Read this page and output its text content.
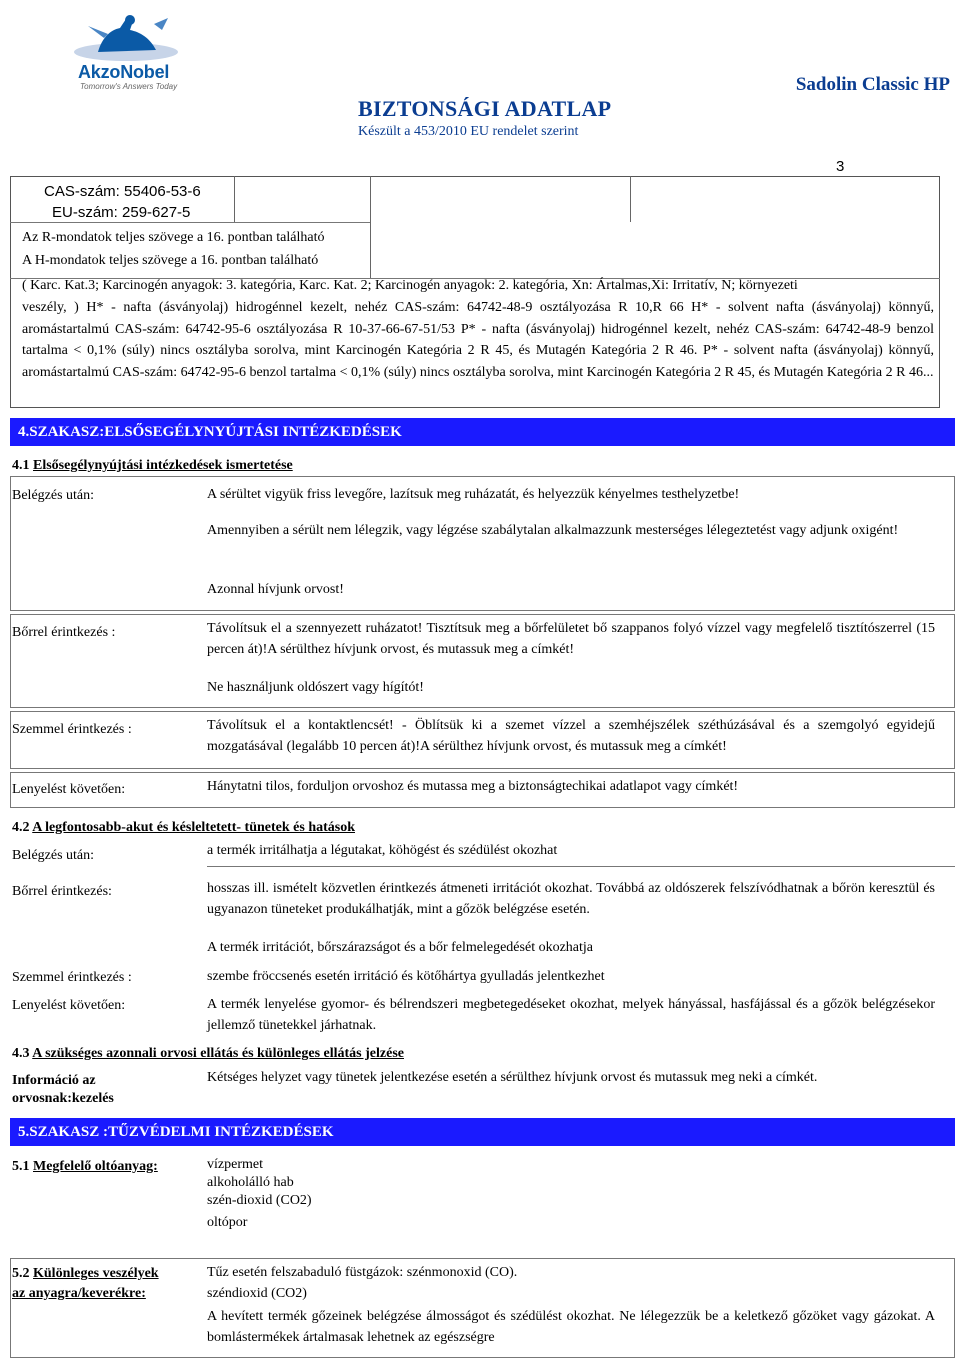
AkzoNobel
Tomorrow's Answers Today
BIZTONSÁGI ADATLAP
Készült a 453/2010 EU rendelet szerint
Sadolin Classic HP
3
CAS-szám: 55406-53-6
EU-szám: 259-627-5
Az R-mondatok teljes szövege a 16. pontban található
A H-mondatok teljes szövege a 16. pontban található
( Karc. Kat.3; Karcinogén anyagok: 3. kategória, Karc. Kat. 2; Karcinogén anyagok: 2. kategória, Xn: Ártalmas,Xi: Irritatív, N; környezeti
veszély, ) H* - nafta (ásványolaj) hidrogénnel kezelt, nehéz CAS-szám: 64742-48-9 osztályozása R 10,R 66 H* - solvent nafta (ásványolaj) könnyű, aromástartalmú CAS-szám: 64742-95-6 osztályozása R 10-37-66-67-51/53 P* - nafta (ásványolaj) hidrogénnel kezelt, nehéz CAS-szám: 64742-48-9 benzol tartalma < 0,1% (súly) nincs osztályba sorolva, mint Karcinogén Kategória 2 R 45, és Mutagén Kategória 2 R 46. P* - solvent nafta (ásványolaj) könnyű, aromástartalmú CAS-szám: 64742-95-6 benzol tartalma < 0,1% (súly) nincs osztályba sorolva, mint Karcinogén Kategória 2 R 45, és Mutagén Kategória 2 R 46...
4.SZAKASZ:ELSŐSEGÉLYNYÚJTÁSI INTÉZKEDÉSEK
4.1 Elsősegélynyújtási intézkedések ismertetése
Belégzés után:	A sérültet vigyük friss levegőre, lazítsuk meg ruházatát, és helyezzük kényelmes testhelyzetbe!
Amennyiben a sérült nem lélegzik, vagy légzése szabálytalan alkalmazzunk mesterséges lélegeztetést vagy adjunk oxigént!
Azonnal hívjunk orvost!
Bőrrel érintkezés :	Távolítsuk el a szennyezett ruházatot! Tisztítsuk meg a bőrfelületet bő szappanos folyó vízzel vagy megfelelő tisztítószerrel (15 percen át)!A sérülthez hívjunk orvost, és mutassuk meg a címkét!
Ne használjunk oldószert vagy hígítót!
Szemmel érintkezés :	Távolítsuk el a kontaktlencsét! - Öblítsük ki a szemet vízzel a szemhéjszélek széthúzásával és a szemgolyó egyidejű mozgatásával (legalább 10 percen át)!A sérülthez hívjunk orvost, és mutassuk meg a címkét!
Lenyelést követően:	Hánytatni tilos, forduljon orvoshoz és mutassa meg a biztonságtechikai adatlapot vagy címkét!
4.2 A legfontosabb-akut és késleltetett- tünetek és hatások
Belégzés után:	a termék irritálhatja a légutakat, köhögést és szédülést okozhat
Bőrrel érintkezés:	hosszas ill. ismételt közvetlen érintkezés átmeneti irritációt okozhat. Továbbá az oldószerek felszívódhatnak a bőrön keresztül és ugyanazon tüneteket produkálhatják, mint a gőzök belégzése esetén.
A termék irritációt, bőrszárazságot és a bőr felmelegedését okozhatja
Szemmel érintkezés :	szembe fröccsenés esetén irritáció és kötőhártya gyulladás jelentkezhet
Lenyelést követően:	A termék lenyelése gyomor- és bélrendszeri megbetegedéseket okozhat, melyek hányással, hasfájással és a gőzök belégzésekor jellemző tünetekkel járhatnak.
4.3 A szükséges azonnali orvosi ellátás és különleges ellátás jelzése
Információ az
orvosnak:kezelés
Kétséges helyzet vagy tünetek jelentkezése esetén a sérülthez hívjunk orvost és mutassuk meg neki a címkét.
5.SZAKASZ :TŰZVÉDELMI INTÉZKEDÉSEK
5.1 Megfelelő oltóanyag:	vízpermet
alkoholálló hab
szén-dioxid (CO2)
oltópor
5.2 Különleges veszélyek
az anyagra/keverékre:
Tűz esetén felszabaduló füstgázok: szénmonoxid (CO).
széndioxid (CO2)
A hevített termék gőzeinek belégzése álmosságot és szédülést okozhat. Ne lélegezzük be a keletkező gőzöket vagy gázokat. A bomlástermékek ártalmasak lehetnek az egészségre
